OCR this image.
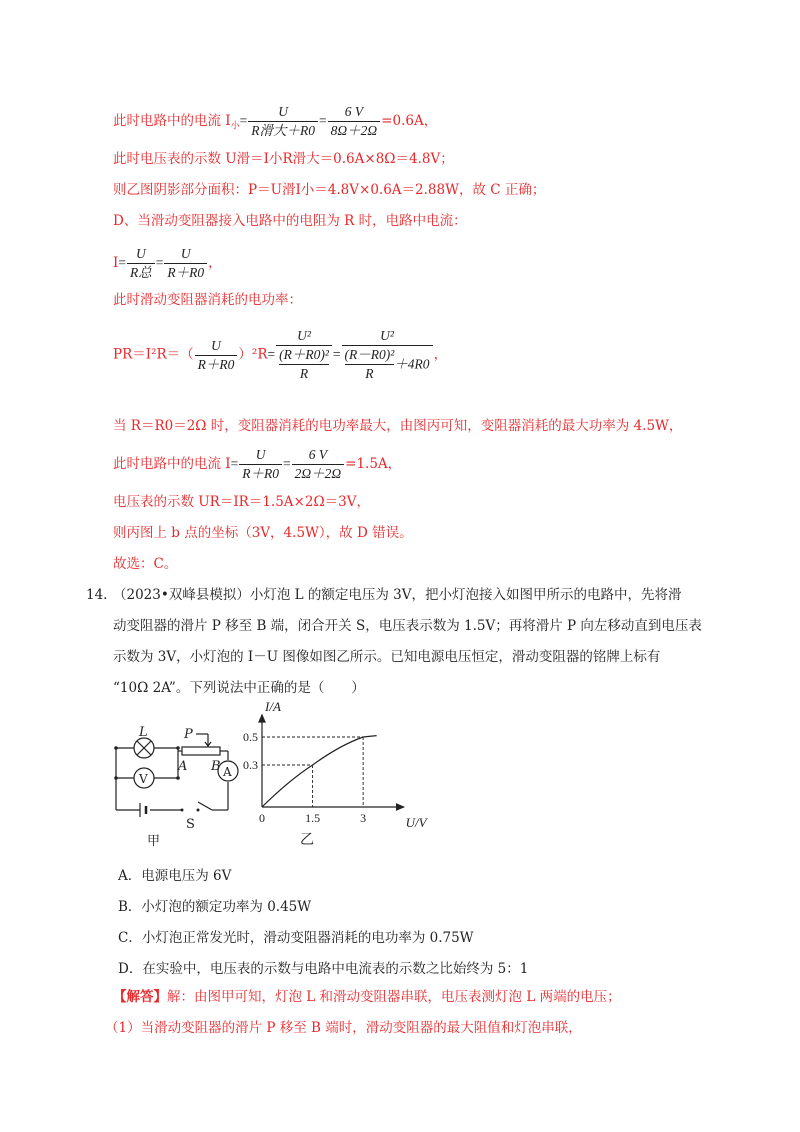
此时电路中的电流 $I_小= \frac{U}{\text{R滑大＋R0}} = \frac{6 V}{8\Omega+2\Omega} =0.6A$，
此时电压表的示数 U滑＝I小R滑大＝0.6A×8Ω＝4.8V；
则乙图阴影部分面积：P＝U滑I小＝4.8V×0.6A＝2.88W，故 C 正确；
D、当滑动变阻器接入电路中的电阻为 R 时，电路中电流：
$I= \frac{U}{\text{R总}} = \frac{U}{R+R0}$ ，
此时滑动变阻器消耗的电功率：
$PR=I^2R=( \frac{U}{R+R0} )^2R= U^2$
(R＋R0)²
$R = \frac{\text{U²}}{\frac{\text{(R－R0)²}}{R} +4R0}$ ，
当 R＝R0＝2Ω 时，变阻器消耗的电功率最大，由图丙可知，变阻器消耗的最大功率为 4.5W，
此时电路中的电流 $I= \frac{U}{R+R0} = \frac{6 V}{2\Omega+2\Omega} =1.5A$，
电压表的示数 UR＝IR＝1.5A×2Ω＝3V，
则丙图上 b 点的坐标（3V，4.5W），故 D 错误。
故选：C。
14. （2023•双峰县模拟）小灯泡 L 的额定电压为 3V，把小灯泡接入如图甲所示的电路中，先将滑
动变阻器的滑片 P 移至 B 端，闭合开关 S，电压表示数为 1.5V；再将滑片 P 向左移动直到电压表
示数为 3V，小灯泡的 I－U 图像如图乙所示。已知电源电压恒定，滑动变阻器的铭牌上标有
“10Ω 2A”。下列说法中正确的是（　　）
L
V	A
P
A B
S
甲
0	1.5	3
0.3
0.5
I/A
U/V
乙
A．电源电压为 6V
B．小灯泡的额定功率为 0.45W
C．小灯泡正常发光时，滑动变阻器消耗的电功率为 0.75W
D．在实验中，电压表的示数与电路中电流表的示数之比始终为 5：1
【解答】解：由图甲可知，灯泡 L 和滑动变阻器串联，电压表测灯泡 L 两端的电压；
（1）当滑动变阻器的滑片 P 移至 B 端时，滑动变阻器的最大阻值和灯泡串联，
